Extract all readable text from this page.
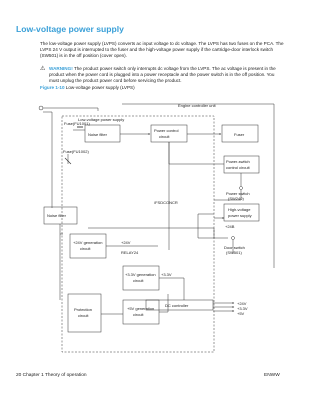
Low-voltage power supply
The low-voltage power supply (LVPS) converts ac input voltage to dc voltage. The LVPS has two fuses on the PCA. The LVPS 24 V output is interrupted to the fuser and the high-voltage power supply if the cartridge-door interlock switch (SW501) is in the off position (cover open).
⚠ WARNING! The product power switch only interrupts dc voltage from the LVPS. The ac voltage is present in the product when the power cord is plugged into a power receptacle and the power switch is in the off position. You must unplug the product power cord before servicing the product.
Figure 1-10 Low-voltage power supply (LVPS)
Engine controller unit
Low-voltage power supply
Fuse(FU1001)
Noise filter
Fuse(FU1002)
Power control
circuit	Fuser
Power-switch
control circuit
Power switch
(SW240)
High-voltage
power supply
+24B
Door switch
(SW501)
Noise filter
/FSDCONCR
+24V
RELAY24
+24V generation
circuit
+3.3V generation
circuit
+3.3V
+5V generation
circuit
Protection
circuit
DC controller	+24V
+3.3V
+5V
20 Chapter 1 Theory of operation	ENWW
